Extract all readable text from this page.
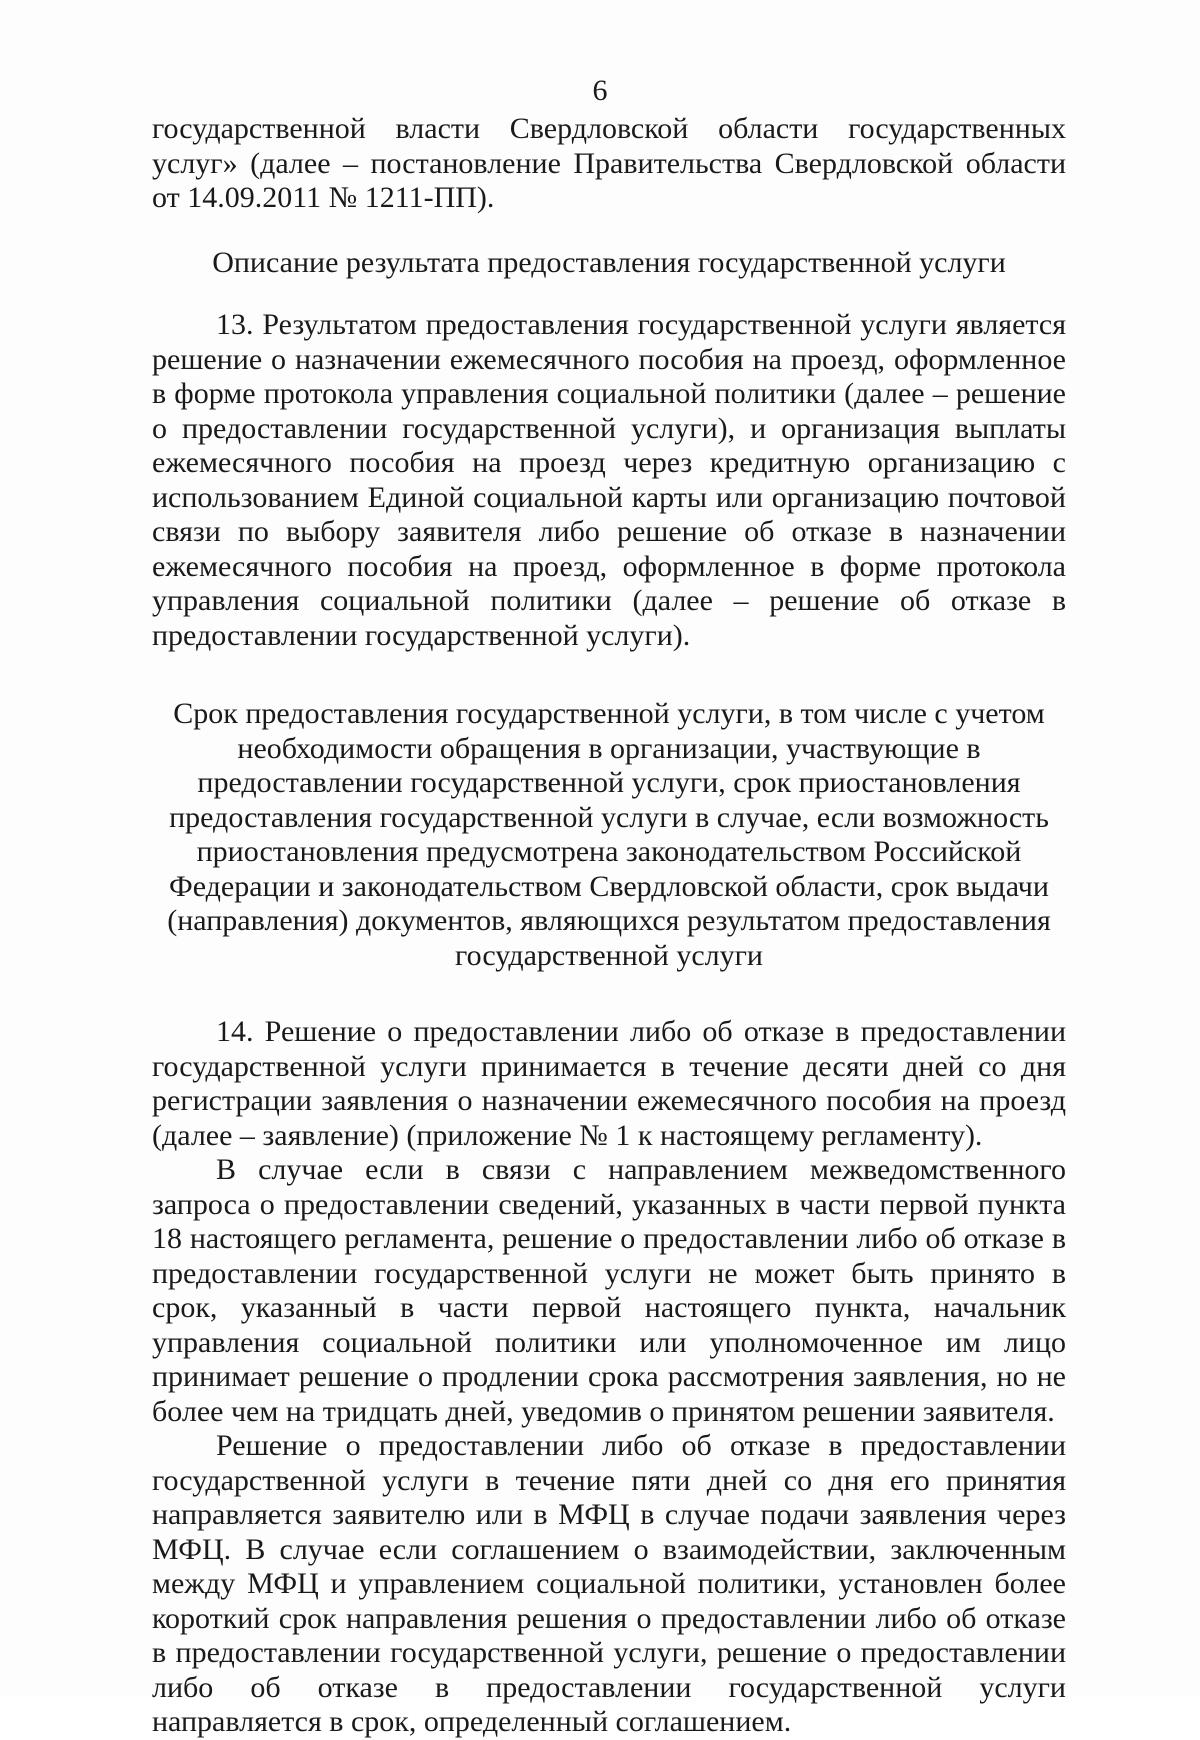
6

государственной власти Свердловской области государственных услуг» (далее – постановление Правительства Свердловской области от 14.09.2011 № 1211-ПП).

Описание результата предоставления государственной услуги

13. Результатом предоставления государственной услуги является решение о назначении ежемесячного пособия на проезд, оформленное в форме протокола управления социальной политики (далее – решение о предоставлении государственной услуги), и организация выплаты ежемесячного пособия на проезд через кредитную организацию с использованием Единой социальной карты или организацию почтовой связи по выбору заявителя либо решение об отказе в назначении ежемесячного пособия на проезд, оформленное в форме протокола управления социальной политики (далее – решение об отказе в предоставлении государственной услуги).

Срок предоставления государственной услуги, в том числе с учетом необходимости обращения в организации, участвующие в предоставлении государственной услуги, срок приостановления предоставления государственной услуги в случае, если возможность приостановления предусмотрена законодательством Российской Федерации и законодательством Свердловской области, срок выдачи (направления) документов, являющихся результатом предоставления государственной услуги

14. Решение о предоставлении либо об отказе в предоставлении государственной услуги принимается в течение десяти дней со дня регистрации заявления о назначении ежемесячного пособия на проезд (далее – заявление) (приложение № 1 к настоящему регламенту).

В случае если в связи с направлением межведомственного запроса о предоставлении сведений, указанных в части первой пункта 18 настоящего регламента, решение о предоставлении либо об отказе в предоставлении государственной услуги не может быть принято в срок, указанный в части первой настоящего пункта, начальник управления социальной политики или уполномоченное им лицо принимает решение о продлении срока рассмотрения заявления, но не более чем на тридцать дней, уведомив о принятом решении заявителя.

Решение о предоставлении либо об отказе в предоставлении государственной услуги в течение пяти дней со дня его принятия направляется заявителю или в МФЦ в случае подачи заявления через МФЦ. В случае если соглашением о взаимодействии, заключенным между МФЦ и управлением социальной политики, установлен более короткий срок направления решения о предоставлении либо об отказе в предоставлении государственной услуги, решение о предоставлении либо об отказе в предоставлении государственной услуги направляется в срок, определенный соглашением.
